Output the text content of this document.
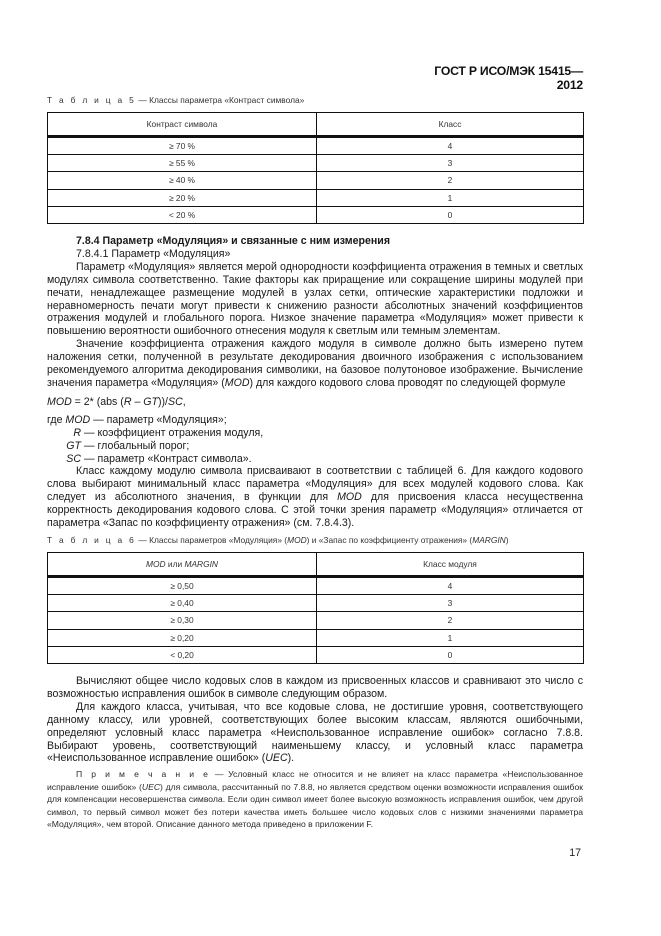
ГОСТ Р ИСО/МЭК 15415—2012
Т а б л и ц а 5 — Классы параметра «Контраст символа»
Контраст символа	Класс
≥ 70 %	4
≥ 55 %	3
≥ 40 %	2
≥ 20 %	1
< 20 %	0

7.8.4 Параметр «Модуляция» и связанные с ним измерения

7.8.4.1 Параметр «Модуляция»

Параметр «Модуляция» является мерой однородности коэффициента отражения в темных и светлых модулях символа соответственно. Такие факторы как приращение или сокращение ширины модулей при печати, ненадлежащее размещение модулей в узлах сетки, оптические характеристики подложки и неравномерность печати могут привести к снижению разности абсолютных значений коэффициентов отражения модулей и глобального порога. Низкое значение параметра «Модуляция» может привести к повышению вероятности ошибочного отнесения модуля к светлым или темным элементам.

Значение коэффициента отражения каждого модуля в символе должно быть измерено путем наложения сетки, полученной в результате декодирования двоичного изображения с использованием рекомендуемого алгоритма декодирования символики, на базовое полутоновое изображение. Вычисление значения параметра «Модуляция» (MOD) для каждого кодового слова проводят по следующей формуле

MOD = 2* (abs (R – GT))/SC,

где MOD — параметр «Модуляция»;
R — коэффициент отражения модуля,
GT — глобальный порог;
SC — параметр «Контраст символа».

Класс каждому модулю символа присваивают в соответствии с таблицей 6. Для каждого кодового слова выбирают минимальный класс параметра «Модуляция» для всех модулей кодового слова. Как следует из абсолютного значения, в функции для MOD для присвоения класса несущественна корректность декодирования кодового слова. С этой точки зрения параметр «Модуляция» отличается от параметра «Запас по коэффициенту отражения» (см. 7.8.4.3).

Т а б л и ц а 6 — Классы параметров «Модуляция» (MOD) и «Запас по коэффициенту отражения» (MARGIN)
MOD или MARGIN	Класс модуля
≥ 0,50	4
≥ 0,40	3
≥ 0,30	2
≥ 0,20	1
< 0,20	0

Вычисляют общее число кодовых слов в каждом из присвоенных классов и сравнивают это число с возможностью исправления ошибок в символе следующим образом.

Для каждого класса, учитывая, что все кодовые слова, не достигшие уровня, соответствующего данному классу, или уровней, соответствующих более высоким классам, являются ошибочными, определяют условный класс параметра «Неиспользованное исправление ошибок» согласно 7.8.8. Выбирают уровень, соответствующий наименьшему классу, и условный класс параметра «Неиспользованное исправление ошибок» (UEC).

П р и м е ч а н и е — Условный класс не относится и не влияет на класс параметра «Неиспользованное исправление ошибок» (UEC) для символа, рассчитанный по 7.8.8, но является средством оценки возможности исправления ошибок для компенсации несовершенства символа. Если один символ имеет более высокую возможность исправления ошибок, чем другой символ, то первый символ может без потери качества иметь большее число кодовых слов с низкими значениями параметра «Модуляция», чем второй. Описание данного метода приведено в приложении F.

17
